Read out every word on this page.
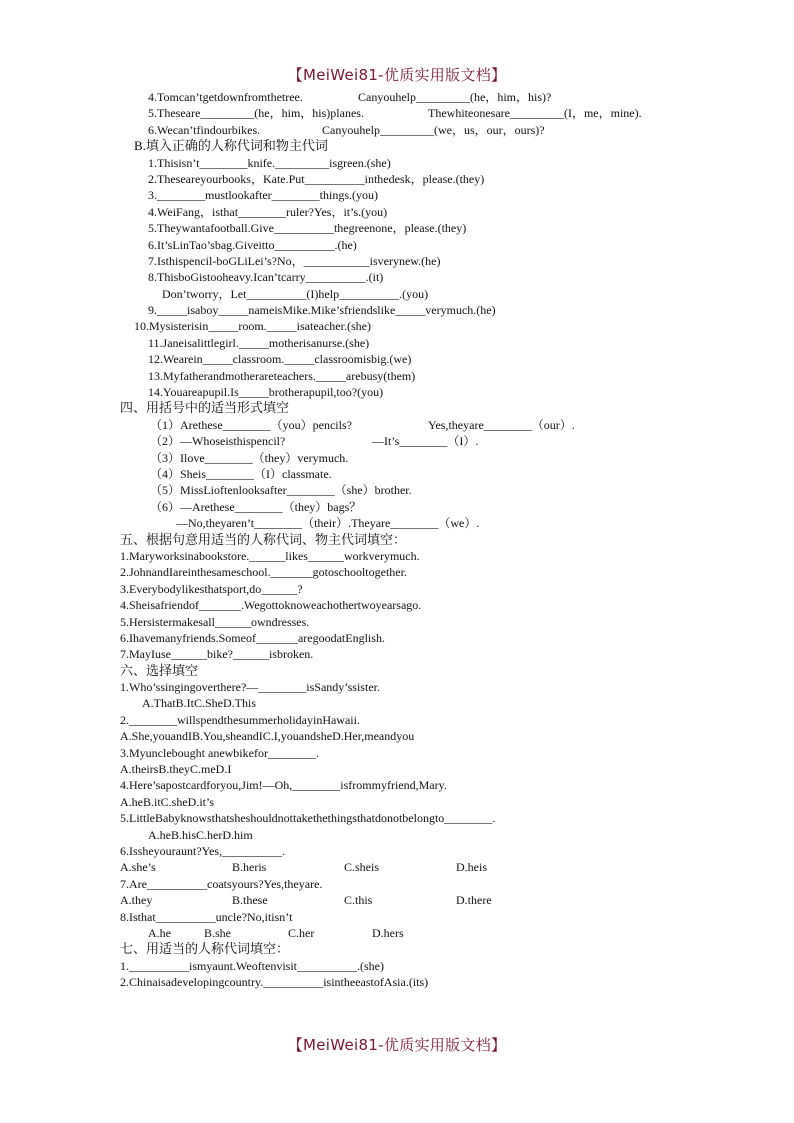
【MeiWei81-优质实用版文档】
4.Tomcan’tgetdownfromthetree.	Canyouhelp_________(he，him，his)?
5.Theseare_________(he，him，his)planes.	Thewhiteonesare_________(I，me，mine).
6.Wecan’tfindourbikes.	Canyouhelp_________(we，us，our，ours)?
B.填入正确的人称代词和物主代词
1.Thisisn’t________knife._________isgreen.(she)
2.Theseareyourbooks，Kate.Put__________inthedesk，please.(they)
3.________mustlookafter________things.(you)
4.WeiFang，isthat________ruler?Yes，it’s.(you)
5.Theywantafootball.Give__________thegreenone，please.(they)
6.It’sLinTao’sbag.Giveitto__________.(he)
7.Isthispencil-boGLiLei’s?No，___________isverynew.(he)
8.ThisboGistooheavy.Ican’tcarry__________.(it)
Don’tworry，Let__________(I)help__________.(you)
9._____isaboy_____nameisMike.Mike’sfriendslike_____verymuch.(he)
10.Mysisterisin_____room._____isateacher.(she)
11.Janeisalittlegirl._____motherisanurse.(she)
12.Wearein_____classroom._____classroomisbig.(we)
13.Myfatherandmotherareteachers._____arebusy(them)
14.Youareapupil.Is_____brotherapupil,too?(you)
四、用括号中的适当形式填空
（1）Arethese________（you）pencils?	Yes,theyare________（our）.
（2）—Whoseisthispencil?	—It’s________（I）.
（3）Ilove________（they）verymuch.
（4）Sheis________（I）classmate.
（5）MissLioftenlooksafter________（she）brother.
（6）—Arethese________（they）bags？
—No,theyaren’t________（their）.Theyare________（we）.
五、根据句意用适当的人称代词、物主代词填空：
1.Maryworksinabookstore.______likes______workverymuch.
2.JohnandIareinthesameschool._______gotoschooltogether.
3.Everybodylikesthatsport,do______?
4.Sheisafriendof_______.Wegottoknoweachothertwoyearsago.
5.Hersistermakesall______owndresses.
6.Ihavemanyfriends.Someof_______aregoodatEnglish.
7.MayIuse______bike?______isbroken.
六、选择填空
1.Who’ssingingoverthere?—________isSandy’ssister.
A.ThatB.ItC.SheD.This
2.________willspendthesummerholidayinHawaii.
A.She,youandIB.You,sheandIC.I,youandsheD.Her,meandyou
3.Myunclebought anewbikefor________.
A.theirsB.theyC.meD.I
4.Here’sapostcardforyou,Jim!—Oh,________isfrommyfriend,Mary.
A.heB.itC.sheD.it’s
5.LittleBabyknowsthatsheshouldnottakethethingsthatdonotbelongto________.
A.heB.hisC.herD.him
6.Issheyouraunt?Yes,__________.
A.she’s	B.heris	C.sheis	D.heis
7.Are__________coatsyours?Yes,theyare.
A.they	B.these	C.this	D.there
8.Isthat__________uncle?No,itisn’t
A.he	B.she	C.her	D.hers
七、用适当的人称代词填空：
1.__________ismyaunt.Weoftenvisit__________.(she)
2.Chinaisadevelopingcountry.__________isintheeastofAsia.(its)
【MeiWei81-优质实用版文档】
